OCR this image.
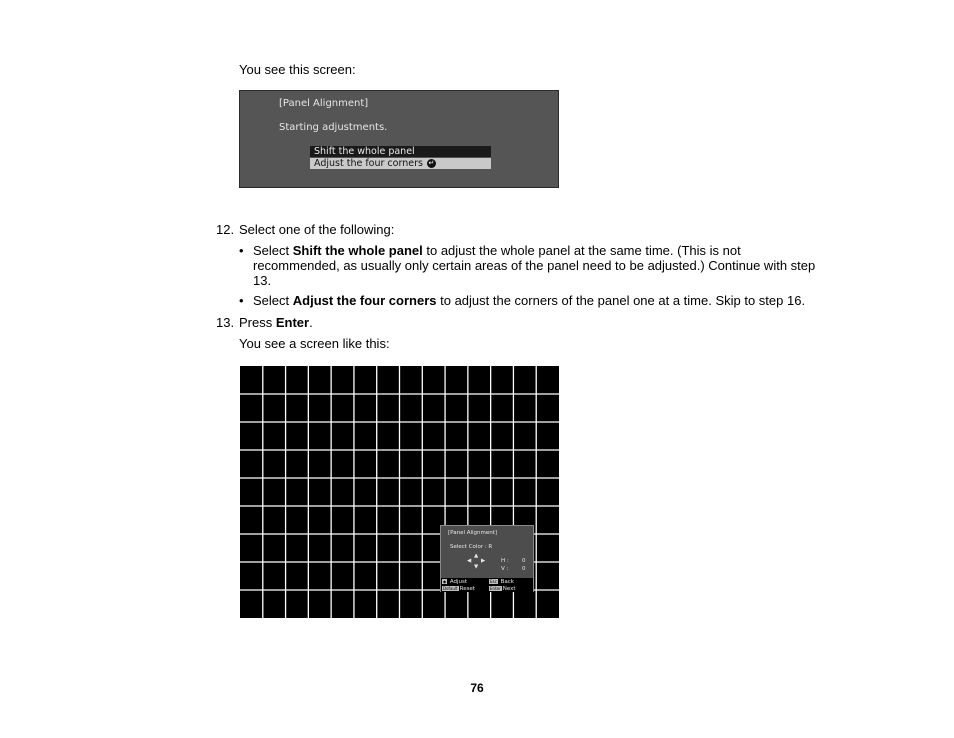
You see this screen:
[Panel Alignment]
Starting adjustments.
Shift the whole panel
Adjust the four corners ↵
12. Select one of the following:
• Select Shift the whole panel to adjust the whole panel at the same time. (This is not
recommended, as usually only certain areas of the panel need to be adjusted.) Continue with step
13.
• Select Adjust the four corners to adjust the corners of the panel one at a time. Skip to step 16.
13. Press Enter.
You see a screen like this:
[Panel Alignment]
Select Color : R
▲
◀ ▶
▼
H : 0
V : 0
◆ Adjust	Esc Back
Default Reset	Enter Next
76
